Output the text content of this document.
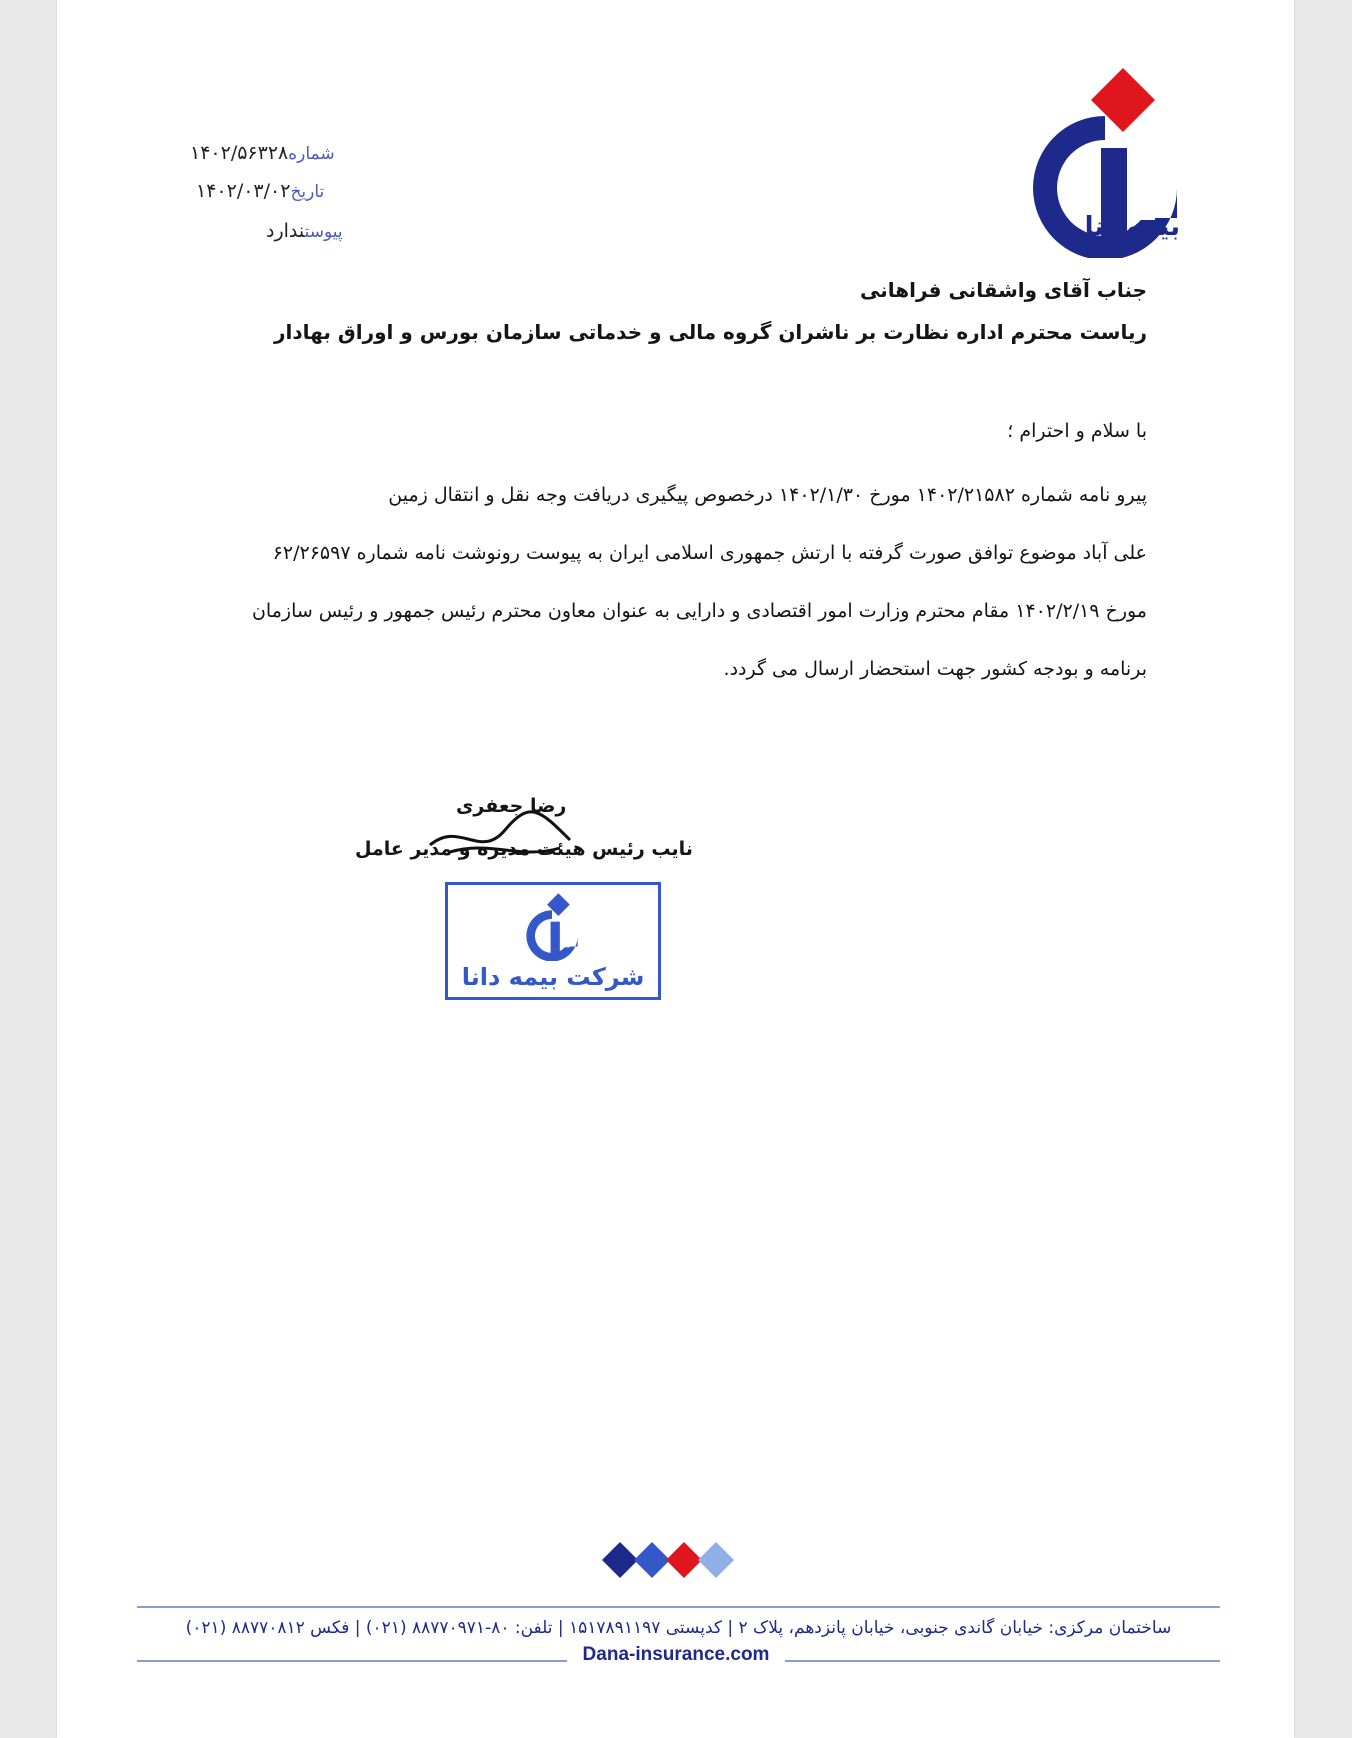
بیمه‌دانا
شماره۱۴۰۲/۵۶۳۲۸
تاریخ۱۴۰۲/۰۳/۰۲
پیوستندارد
جناب آقای واشقانی فراهانی
ریاست محترم اداره نظارت بر ناشران گروه مالی و خدماتی سازمان بورس و اوراق بهادار
با سلام و احترام ؛
پیرو نامه شماره ۱۴۰۲/۲۱۵۸۲ مورخ ۱۴۰۲/۱/۳۰ درخصوص پیگیری دریافت وجه نقل و انتقال زمین
علی آباد موضوع توافق صورت گرفته با ارتش جمهوری اسلامی ایران به پیوست رونوشت نامه شماره ۶۲/۲۶۵۹۷
مورخ ۱۴۰۲/۲/۱۹ مقام محترم وزارت امور اقتصادی و دارایی به عنوان معاون محترم رئیس جمهور و رئیس سازمان
برنامه و بودجه کشور جهت استحضار ارسال می گردد.
رضا جعفری
نایب رئیس هیئت مدیره و مدیر عامل
شرکت بیمه دانا
ساختمان مرکزی: خیابان گاندی جنوبی، خیابان پانزدهم، پلاک ۲ | کدپستی ۱۵۱۷۸۹۱۱۹۷ | تلفن: ۸۰-۸۸۷۷۰۹۷۱ (۰۲۱) | فکس ۸۸۷۷۰۸۱۲ (۰۲۱)
Dana-insurance.com
